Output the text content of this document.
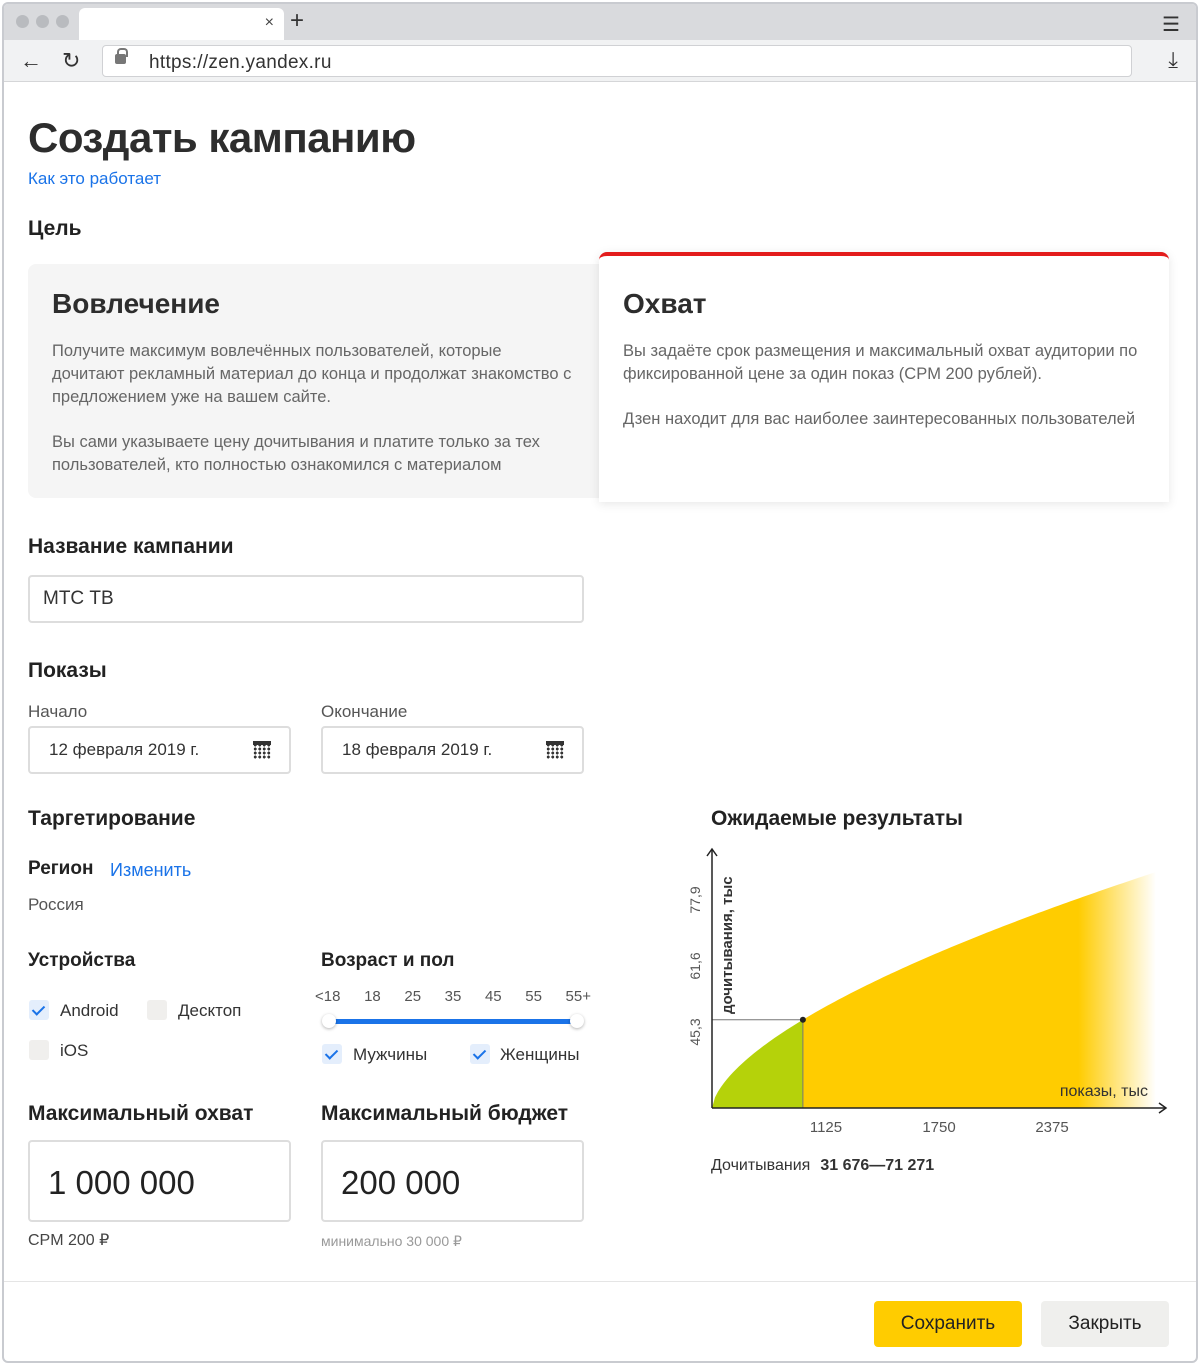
× +	☰
← ↻	https://zen.yandex.ru	⤓
Создать кампанию
Как это работает
Цель
Вовлечение

Получите максимум вовлечённых пользователей, которые дочитают рекламный материал до конца и продолжат знакомство с предложением уже на вашем сайте.

Вы сами указываете цену дочитывания и платите только за тех пользователей, кто полностью ознакомился с материалом

Охват

Вы задаёте срок размещения и максимальный охват аудитории по фиксированной цене за один показ (CPM 200 рублей).

Дзен находит для вас наиболее заинтересованных пользователей

Название кампании
МТС ТВ
Показы
Начало	Окончание
12 февраля 2019 г.	18 февраля 2019 г.
Таргетирование
Регион Изменить
Россия
Устройства
Android	Десктоп
iOS
Возраст и пол
<18 18 25 35 45 55 55+
Мужчины	Женщины
Максимальный охват
1 000 000
CPM 200 ₽
Максимальный бюджет
200 000
минимально 30 000 ₽
Ожидаемые результаты
показы, тыс
дочитывания, тыс
1125	1750	2375
45,3
61,6
77,9
Дочитывания 31 676—71 271
Сохранить	Закрыть
